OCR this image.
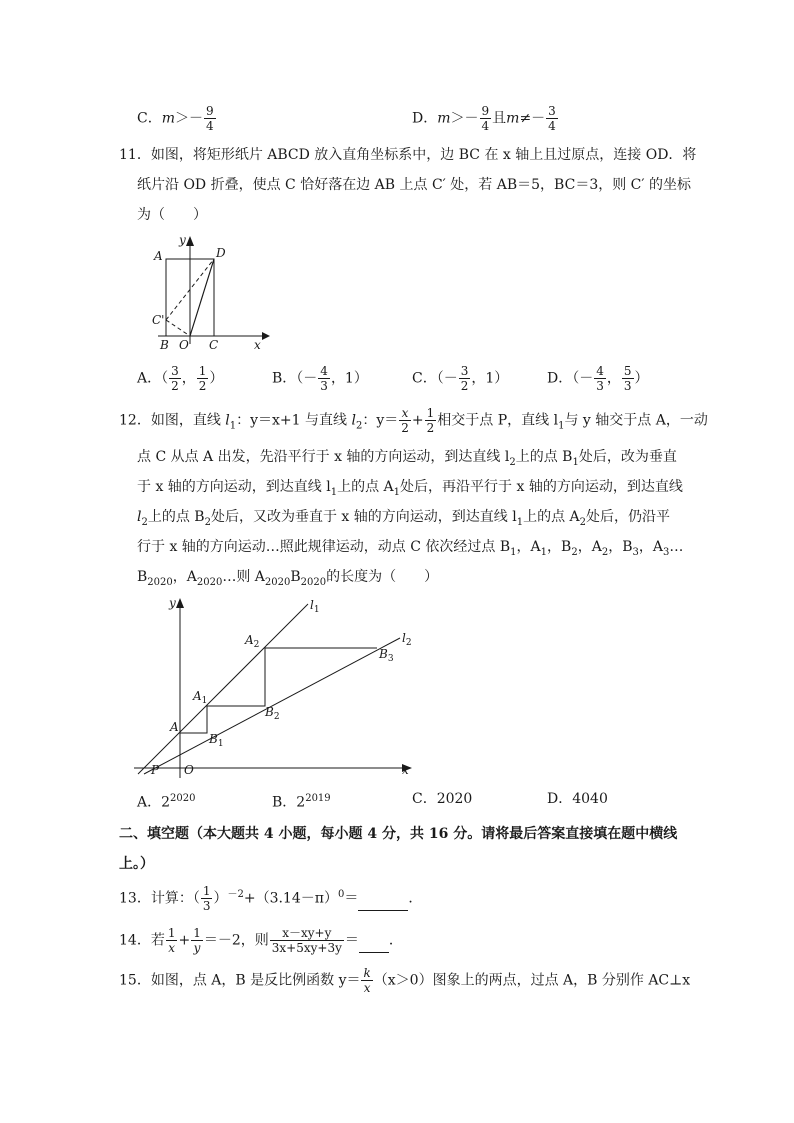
C．$m>- \frac{9}{4}$	D．$m>- \frac{9}{4}$ 且$m\ne- \frac{3}{4}$
11．如图，将矩形纸片 ABCD 放入直角坐标系中，边 BC 在 x 轴上且过原点，连接 OD．将
纸片沿 OD 折叠，使点 C 恰好落在边 AB 上点 C′ 处，若 AB＝5，BC＝3，则 C′ 的坐标
为（　　）
y
x
A	D
C'
B O C
A．（ $\frac{3}{2}$ ， $\frac{1}{2}$ ）	B．（－ $\frac{4}{3}$ ，1）	C．（－ $\frac{3}{2}$ ，1）	D．（－ $\frac{4}{3}$ ， $\frac{5}{3}$ ）
12．如图，直线 $l_1$：y＝x+1 与直线 $l_2$：$y= \frac{x}{2} + \frac{1}{2}$ 相交于点 P，直线 $l_1$与 y 轴交于点 A，一动
点 C 从点 A 出发，先沿平行于 x 轴的方向运动，到达直线 $l_2$上的点 $B_1$处后，改为垂直
于 x 轴的方向运动，到达直线 $l_1$上的点 $A_1$处后，再沿平行于 x 轴的方向运动，到达直线
$l_2$上的点 $B_2$处后，又改为垂直于 x 轴的方向运动，到达直线 $l_1$上的点 $A_2$处后，仍沿平
行于 x 轴的方向运动…照此规律运动，动点 C 依次经过点 $B_1$，$A_1$，$B_2$，$A_2$，$B_3$，$A_3\dots$
$B_{2020}$，$A_{2020}\dots$则 $A_{2020}B_{2020}$的长度为（　　）
y
x
$l_1$
$l_2$
$A_2$
$B_3$
$A_1$
$B_2$
A
$B_1$
P O
A．$2^{2020}$	B．$2^{2019}$	C．2020	D．4040
二、填空题（本大题共 4 小题，每小题 4 分，共 16 分。请将最后答案直接填在题中横线
上。）
13．计算：（ $\frac{1}{3} )^{-2}+(3.14-\pi)^0=$	．
14．若 $\frac{1}{x} + \frac{1}{y} =-2$，则 $\frac{x-xy+y}{3x+5xy+3y}$ ＝ ．
15．如图，点 A，B 是反比例函数 $y= \frac{k}{x} (x>0)$图象上的两点，过点 A，B 分别作 AC⊥x
